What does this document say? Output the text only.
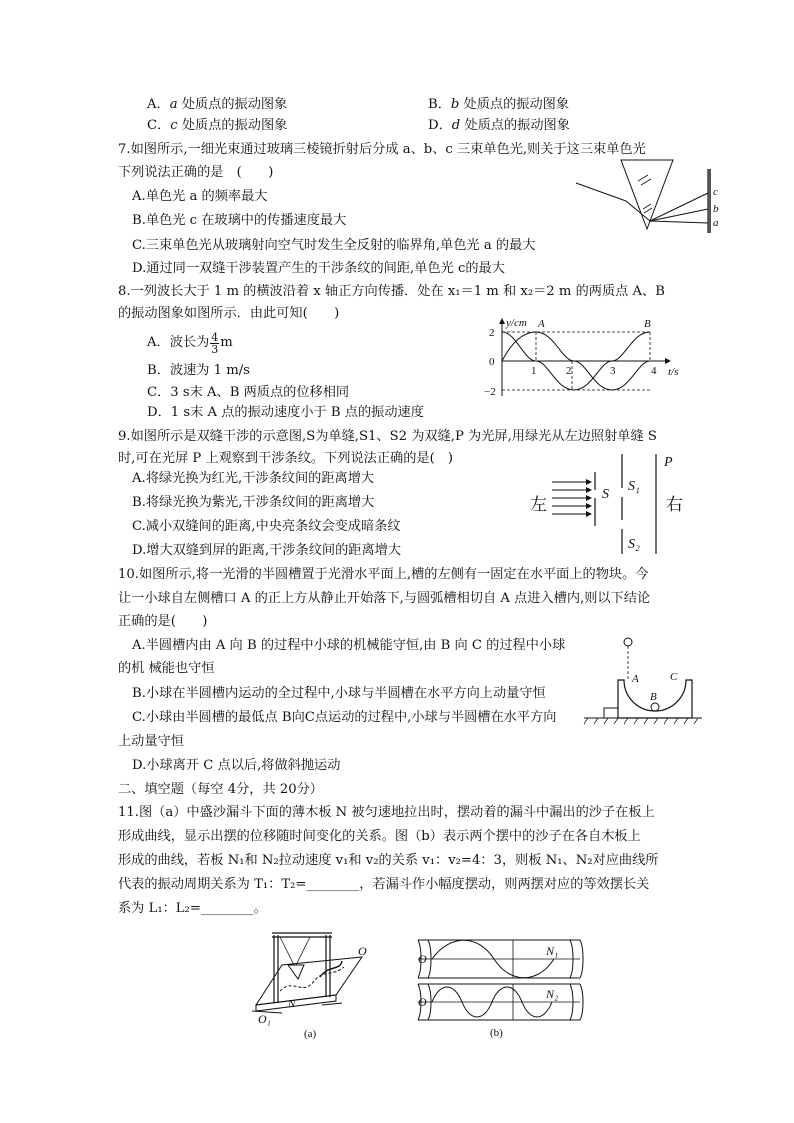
A．a 处质点的振动图象	B．b 处质点的振动图象
C．c 处质点的振动图象	D．d 处质点的振动图象
7.如图所示,一细光束通过玻璃三棱镜折射后分成 a、b、c 三束单色光,则关于这三束单色光
下列说法正确的是　(　　)
A.单色光 a 的频率最大
B.单色光 c 在玻璃中的传播速度最大
C.三束单色光从玻璃射向空气时发生全反射的临界角,单色光 a 的最大
D.通过同一双缝干涉装置产生的干涉条纹的间距,单色光 c的最大
c
b
a
8.一列波长大于 1 m 的横波沿着 x 轴正方向传播．处在 x₁＝1 m 和 x₂＝2 m 的两质点 A、B
的振动图象如图所示．由此可知(　　)
A．波长为 $\frac{4}{3}$ m
B．波速为 1 m/s
C．3 s末 A、B 两质点的位移相同
D．1 s末 A 点的振动速度小于 B 点的振动速度
y/cm
t/s
A	B
2
0
−2
1	2	3	4
9.如图所示是双缝干涉的示意图,S为单缝,S1、S2 为双缝,P 为光屏,用绿光从左边照射单缝 S
时,可在光屏 P 上观察到干涉条纹。下列说法正确的是(　)
A.将绿光换为红光,干涉条纹间的距离增大
B.将绿光换为紫光,干涉条纹间的距离增大
C.减小双缝间的距离,中央亮条纹会变成暗条纹
D.增大双缝到屏的距离,干涉条纹间的距离增大
左
S
S₁
S₂
P
右
10.如图所示,将一光滑的半圆槽置于光滑水平面上,槽的左侧有一固定在水平面上的物块。今
让一小球自左侧槽口 A 的正上方从静止开始落下,与圆弧槽相切自 A 点进入槽内,则以下结论
正确的是(　　)
A.半圆槽内由 A 向 B 的过程中小球的机械能守恒,由 B 向 C 的过程中小球
的机 械能也守恒
B.小球在半圆槽内运动的全过程中,小球与半圆槽在水平方向上动量守恒
C.小球由半圆槽的最低点 B向C点运动的过程中,小球与半圆槽在水平方向
上动量守恒
D.小球离开 C 点以后,将做斜抛运动
A
B
C
二、填空题（每空 4分，共 20分）
11.图（a）中盛沙漏斗下面的薄木板 N 被匀速地拉出时，摆动着的漏斗中漏出的沙子在板上
形成曲线，显示出摆的位移随时间变化的关系。图（b）表示两个摆中的沙子在各自木板上
形成的曲线，若板 N₁和 N₂拉动速度 v₁和 v₂的关系 v₁：v₂=4：3，则板 N₁、N₂对应曲线所
代表的振动周期关系为 T₁：T₂=________，若漏斗作小幅度摆动，则两摆对应的等效摆长关
系为 L₁：L₂=________。
O
O₁
N
(a)
O
N₁
O
N₂
(b)
